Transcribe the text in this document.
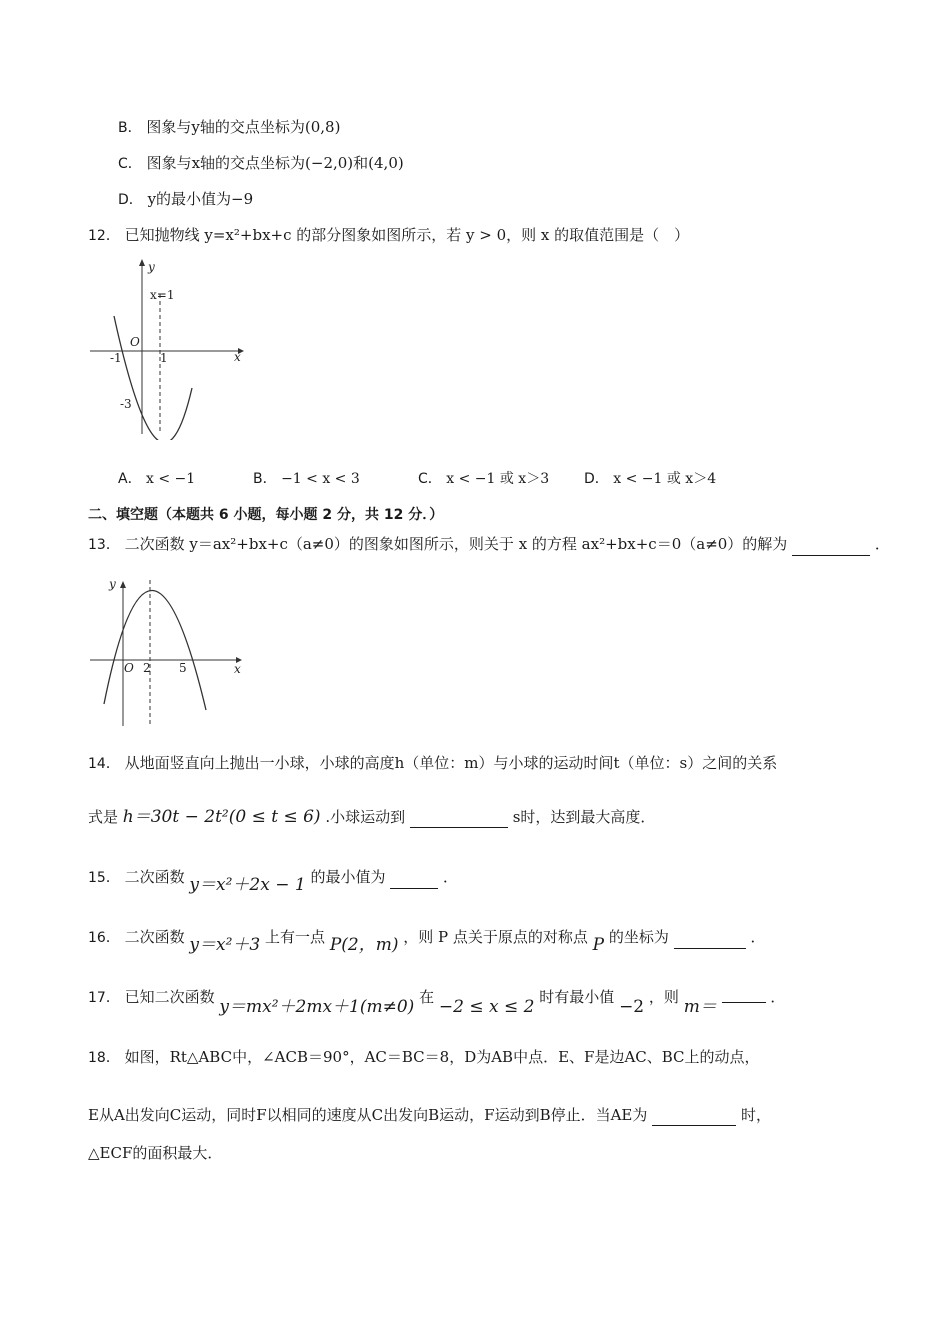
B． 图象与y轴的交点坐标为(0,8)
C． 图象与x轴的交点坐标为(−2,0)和(4,0)
D． y的最小值为−9
12． 已知抛物线 y=x²+bx+c 的部分图象如图所示，若 y > 0，则 x 的取值范围是（　）
y
x
x=1
O
-1	1
-3
A． x < −1	B． −1 < x < 3	C． x < −1 或 x＞3 D． x < −1 或 x＞4
二、填空题（本题共 6 小题，每小题 2 分，共 12 分．）
13． 二次函数 y＝ax²+bx+c（a≠0）的图象如图所示，则关于 x 的方程 ax²+bx+c＝0（a≠0）的解为	．
y
x
O 2 5
14． 从地面竖直向上抛出一小球，小球的高度h（单位：m）与小球的运动时间t（单位：s）之间的关系
式是 h＝30t − 2t²(0 ≤ t ≤ 6) .小球运动到	s时，达到最大高度．
15． 二次函数 y＝x²＋2x − 1 的最小值为	．
16． 二次函数 y＝x²＋3 上有一点 P(2，m) ，则 P 点关于原点的对称点 P 的坐标为	．
17． 已知二次函数 y＝mx²＋2mx＋1(m≠0) 在 −2 ≤ x ≤ 2 时有最小值 −2 ，则 m＝	．
18． 如图，Rt△ABC中，∠ACB＝90°，AC＝BC＝8，D为AB中点．E、F是边AC、BC上的动点，
E从A出发向C运动，同时F以相同的速度从C出发向B运动，F运动到B停止．当AE为	时，
△ECF的面积最大．
